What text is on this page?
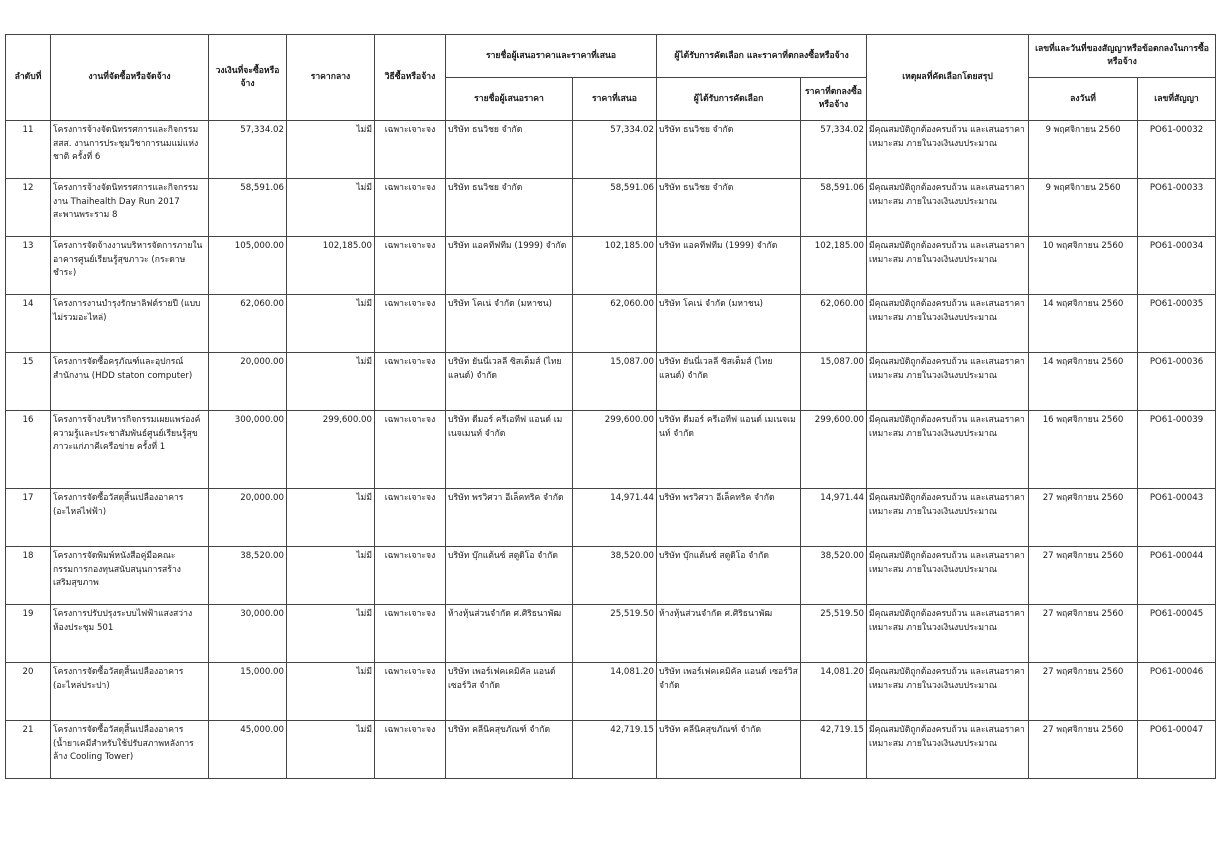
ลำดับที่	งานที่จัดซื้อหรือจัดจ้าง	วงเงินที่จะซื้อหรือจ้าง	ราคากลาง	วิธีซื้อหรือจ้าง	รายชื่อผู้เสนอราคาและราคาที่เสนอ		ผู้ได้รับการคัดเลือก และราคาที่ตกลงซื้อหรือจ้าง		เหตุผลที่คัดเลือกโดยสรุป	เลขที่และวันที่ของสัญญาหรือข้อตกลงในการซื้อหรือจ้าง	
					รายชื่อผู้เสนอราคา	ราคาที่เสนอ	ผู้ได้รับการคัดเลือก	ราคาที่ตกลงซื้อหรือจ้าง		ลงวันที่	เลขที่สัญญา
11	โครงการจ้างจัดนิทรรศการและกิจกรรม สสส. งานการประชุมวิชาการนมแม่แห่งชาติ ครั้งที่ 6	57,334.02	ไม่มี	เฉพาะเจาะจง	บริษัท ธนวิชย จำกัด	57,334.02	บริษัท ธนวิชย จำกัด	57,334.02	มีคุณสมบัติถูกต้องครบถ้วน และเสนอราคาเหมาะสม ภายในวงเงินงบประมาณ	9 พฤศจิกายน 2560	PO61-00032
12	โครงการจ้างจัดนิทรรศการและกิจกรรมงาน Thaihealth Day Run 2017 สะพานพระราม 8	58,591.06	ไม่มี	เฉพาะเจาะจง	บริษัท ธนวิชย จำกัด	58,591.06	บริษัท ธนวิชย จำกัด	58,591.06	มีคุณสมบัติถูกต้องครบถ้วน และเสนอราคาเหมาะสม ภายในวงเงินงบประมาณ	9 พฤศจิกายน 2560	PO61-00033
13	โครงการจัดจ้างงานบริหารจัดการภายในอาคารศูนย์เรียนรู้สุขภาวะ (กระดาษชำระ)	105,000.00	102,185.00	เฉพาะเจาะจง	บริษัท แอคทีฟทีม (1999) จำกัด	102,185.00	บริษัท แอคทีฟทีม (1999) จำกัด	102,185.00	มีคุณสมบัติถูกต้องครบถ้วน และเสนอราคาเหมาะสม ภายในวงเงินงบประมาณ	10 พฤศจิกายน 2560	PO61-00034
14	โครงการงานบำรุงรักษาลิฟต์รายปี (แบบไม่รวมอะไหล่)	62,060.00	ไม่มี	เฉพาะเจาะจง	บริษัท โคเน่ จำกัด (มหาชน)	62,060.00	บริษัท โคเน่ จำกัด (มหาชน)	62,060.00	มีคุณสมบัติถูกต้องครบถ้วน และเสนอราคาเหมาะสม ภายในวงเงินงบประมาณ	14 พฤศจิกายน 2560	PO61-00035
15	โครงการจัดซื้อครุภัณฑ์และอุปกรณ์สำนักงาน (HDD staton computer)	20,000.00	ไม่มี	เฉพาะเจาะจง	บริษัท ยันนี่เวลลี ซิสเต็มส์ (ไทยแลนด์) จำกัด	15,087.00	บริษัท ยันนี่เวลลี ซิสเต็มส์ (ไทยแลนด์) จำกัด	15,087.00	มีคุณสมบัติถูกต้องครบถ้วน และเสนอราคาเหมาะสม ภายในวงเงินงบประมาณ	14 พฤศจิกายน 2560	PO61-00036
16	โครงการจ้างบริหารกิจกรรมเผยแพร่องค์ความรู้และประชาสัมพันธ์ศูนย์เรียนรู้สุขภาวะแก่ภาคีเครือข่าย ครั้งที่ 1	300,000.00	299,600.00	เฉพาะเจาะจง	บริษัท ดีมอร์ ครีเอทีฟ แอนด์ เมเนจเมนท์ จำกัด	299,600.00	บริษัท ดีมอร์ ครีเอทีฟ แอนด์ เมเนจเมนท์ จำกัด	299,600.00	มีคุณสมบัติถูกต้องครบถ้วน และเสนอราคาเหมาะสม ภายในวงเงินงบประมาณ	16 พฤศจิกายน 2560	PO61-00039
17	โครงการจัดซื้อวัสดุสิ้นเปลืองอาคาร (อะไหล่ไฟฟ้า)	20,000.00	ไม่มี	เฉพาะเจาะจง	บริษัท พรวิศวา อีเล็คทริค จำกัด	14,971.44	บริษัท พรวิศวา อีเล็คทริค จำกัด	14,971.44	มีคุณสมบัติถูกต้องครบถ้วน และเสนอราคาเหมาะสม ภายในวงเงินงบประมาณ	27 พฤศจิกายน 2560	PO61-00043
18	โครงการจัดพิมพ์หนังสือคู่มือคณะกรรมการกองทุนสนับสนุนการสร้างเสริมสุขภาพ	38,520.00	ไม่มี	เฉพาะเจาะจง	บริษัท บุ๊กแต้นซ์ สตูดิโอ จำกัด	38,520.00	บริษัท บุ๊กแต้นซ์ สตูดิโอ จำกัด	38,520.00	มีคุณสมบัติถูกต้องครบถ้วน และเสนอราคาเหมาะสม ภายในวงเงินงบประมาณ	27 พฤศจิกายน 2560	PO61-00044
19	โครงการปรับปรุงระบบไฟฟ้าแสงสว่างห้องประชุม 501	30,000.00	ไม่มี	เฉพาะเจาะจง	ห้างหุ้นส่วนจำกัด ศ.ศิริธนาพัฒ	25,519.50	ห้างหุ้นส่วนจำกัด ศ.ศิริธนาพัฒ	25,519.50	มีคุณสมบัติถูกต้องครบถ้วน และเสนอราคาเหมาะสม ภายในวงเงินงบประมาณ	27 พฤศจิกายน 2560	PO61-00045
20	โครงการจัดซื้อวัสดุสิ้นเปลืองอาคาร (อะไหล่ประปา)	15,000.00	ไม่มี	เฉพาะเจาะจง	บริษัท เพอร์เฟคเคมิคัล แอนด์ เซอร์วิส จำกัด	14,081.20	บริษัท เพอร์เฟคเคมิคัล แอนด์ เซอร์วิส จำกัด	14,081.20	มีคุณสมบัติถูกต้องครบถ้วน และเสนอราคาเหมาะสม ภายในวงเงินงบประมาณ	27 พฤศจิกายน 2560	PO61-00046
21	โครงการจัดซื้อวัสดุสิ้นเปลืองอาคาร (น้ำยาเคมีสำหรับใช้ปรับสภาพหลังการล้าง Cooling Tower)	45,000.00	ไม่มี	เฉพาะเจาะจง	บริษัท คลีนิคสุขภัณฑ์ จำกัด	42,719.15	บริษัท คลีนิคสุขภัณฑ์ จำกัด	42,719.15	มีคุณสมบัติถูกต้องครบถ้วน และเสนอราคาเหมาะสม ภายในวงเงินงบประมาณ	27 พฤศจิกายน 2560	PO61-00047
